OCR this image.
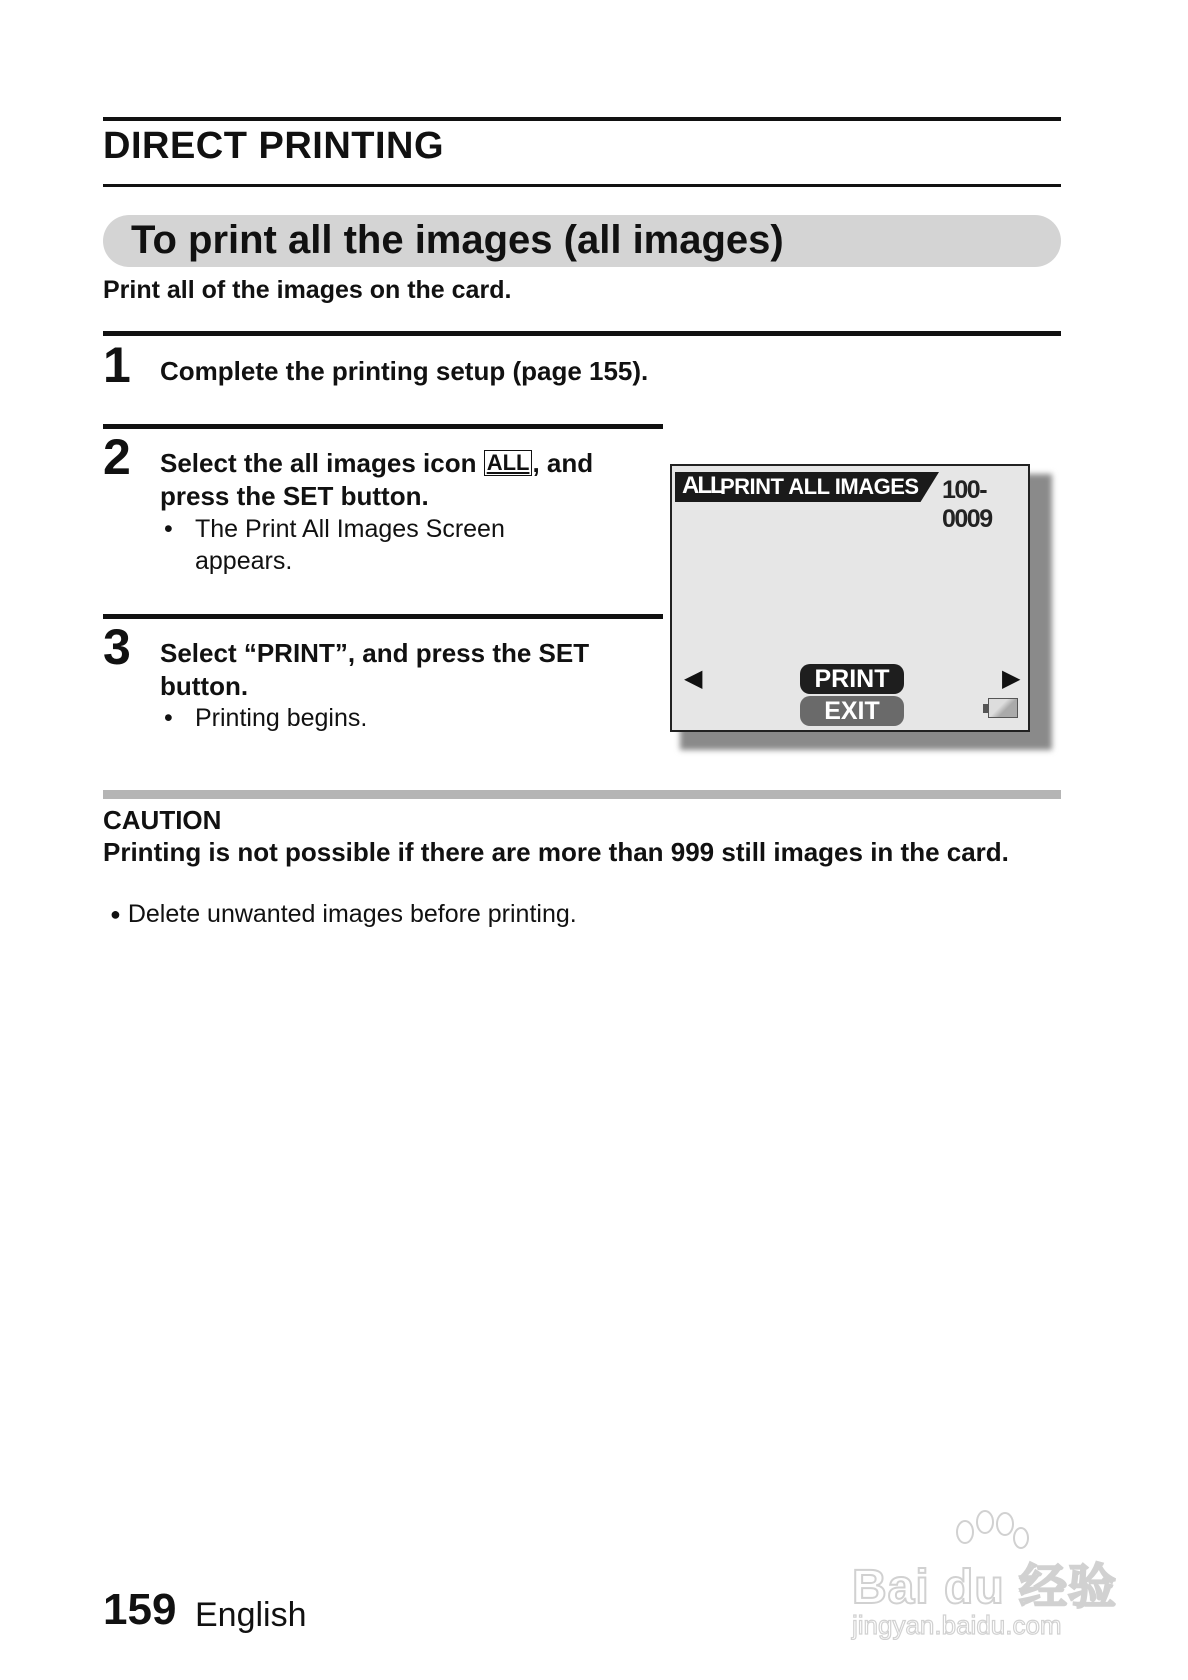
DIRECT PRINTING
To print all the images (all images)
Print all of the images on the card.
1 Complete the printing setup (page 155).
2 Select the all images icon ALL , and
press the SET button.
• The Print All Images Screen
appears.
3 Select “PRINT”, and press the SET
button.
• Printing begins.
ALL
PRINT ALL IMAGES 100-0009
◀	▶
PRINT
EXIT
CAUTION
Printing is not possible if there are more than 999 still images in the card.
● Delete unwanted images before printing.
159 English
Bai du 经验
jingyan.baidu.com
